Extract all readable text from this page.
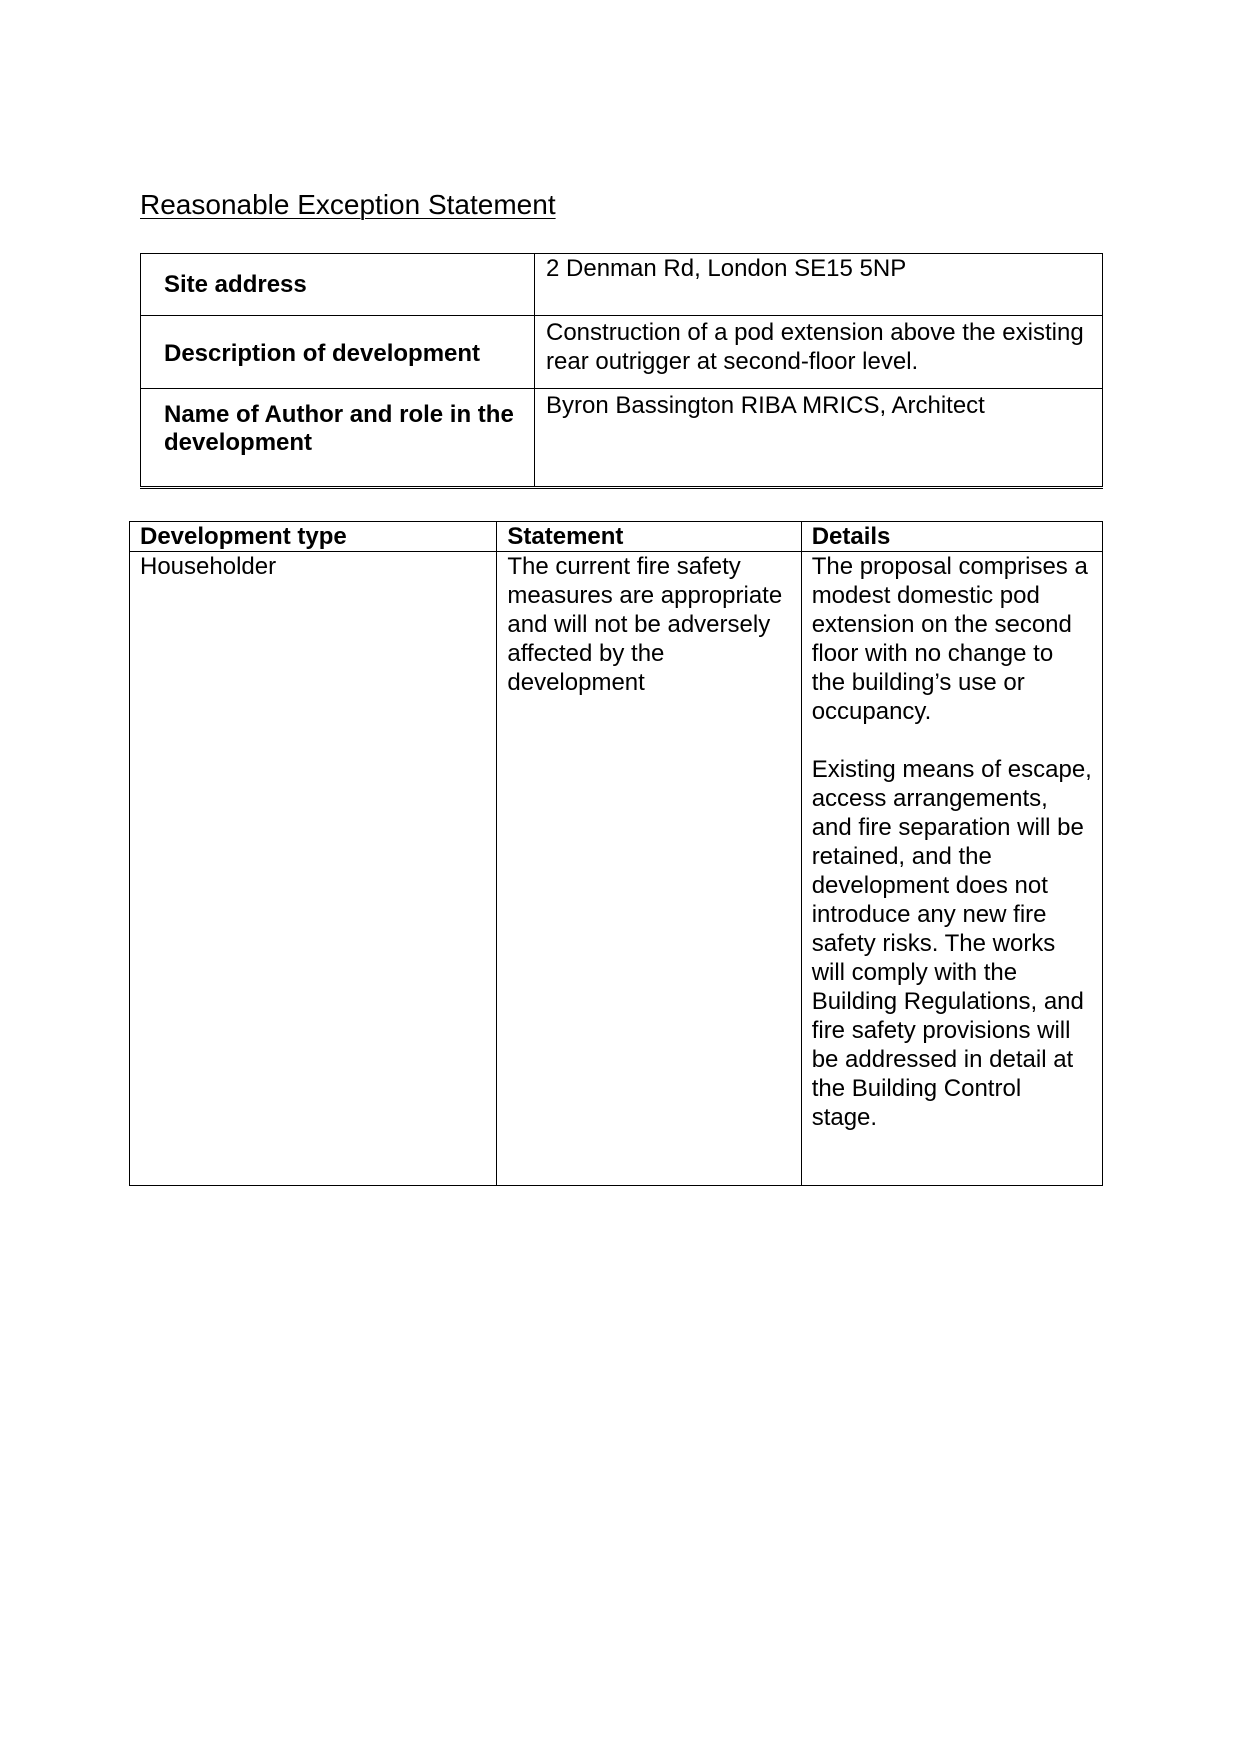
Reasonable Exception Statement
Site address	2 Denman Rd, London SE15 5NP
Description of development	Construction of a pod extension above the existing rear outrigger at second-floor level.
Name of Author and role in the development	Byron Bassington RIBA MRICS, Architect
Development type	Statement	Details
Householder	The current fire safety measures are appropriate and will not be adversely affected by the development	The proposal comprises a modest domestic pod extension on the second floor with no change to the building’s use or occupancy.
Existing means of escape, access arrangements, and fire separation will be retained, and the development does not introduce any new fire safety risks. The works will comply with the Building Regulations, and fire safety provisions will be addressed in detail at the Building Control stage.
